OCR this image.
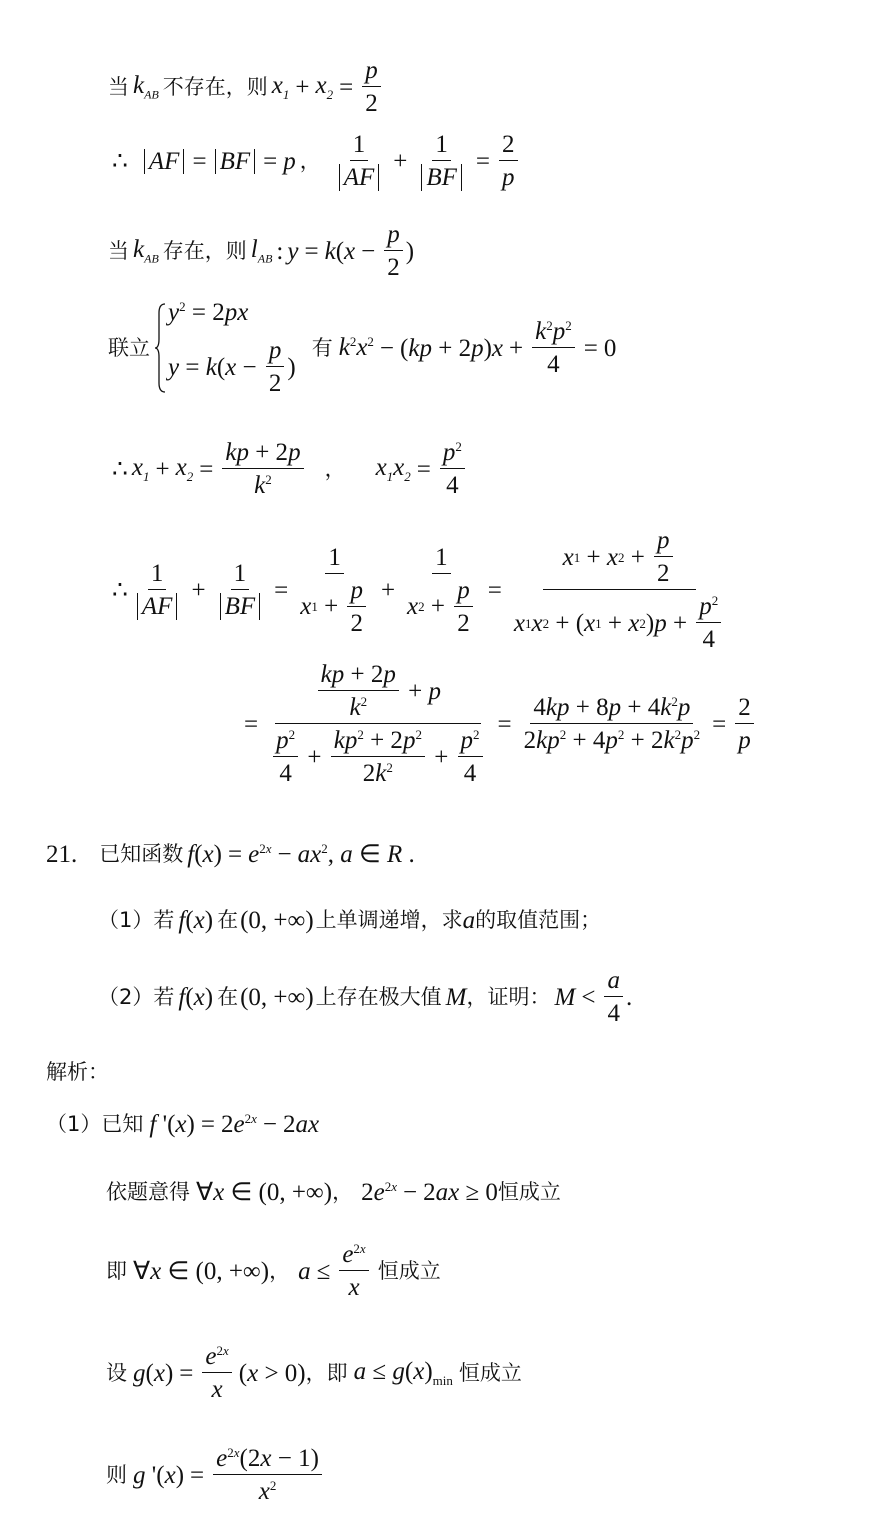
当 $k_{AB}$ 不存在，则 $x_1 + x_2 = \frac{p}{2}$
∴ AF = BF = p ， $\frac{1}{AF} + \frac{1}{BF} = \frac{2}{p}$
当 $k_{AB}$ 存在，则 $l_{AB}$ : $y = k(x - \frac{p}{2}$ )
联立
$y^2 = 2px$
y = k ( $x - \frac{p}{2}$ )
有 $k^2x^2 - (kp + 2p)x + \frac{k^2p^2}{4} = 0$
∴ $x_1 + x_2 = \frac{kp + 2p}{k^2}$ ， $x_1x_2 = \frac{p^2}{4}$
∴ $\frac{1}{AF} + \frac{1}{BF} = \frac{1}{x 1 + \frac{p}{2}} + \frac{1}{x 2 + \frac{p}{2}} = \frac{x 1 + x 2 + \frac{p}{2}}{x 1 x 2 + ( x 1 + x 2 ) p + \frac{p^2}{4}}$
= $\frac{\frac{kp + 2p}{k^2} + p}{\frac{p^2}{4} + \frac{kp^2 + 2p^2}{2k^2} + \frac{p^2}{4}} = \frac{4kp + 8p + 4k^2p}{2kp^2 + 4p^2 + 2k^2p^2} = \frac{2}{p}$
21. 已知函数 $f(x) = e^{2x} - ax^2$, a ∈ R .
（1）若 f(x) 在 (0, +∞) 上单调递增，求 a 的取值范围；
（2）若 f(x) 在 (0, +∞) 上存在极大值 M ，证明： $M < \frac{a}{4}$ .
解析：
（1）已知 f '$(x) = 2e^{2x} - 2ax$
依题意得 ∀x ∈ (0, +∞) ， $2e^{2x} - 2ax \ge 0$ 恒成立
即 ∀x ∈ (0, +∞) ， $a \le \frac{e^{2x}}{x}$ 恒成立
设 $g(x) = \frac{e^{2x}}{x} (x > 0)$ ，即 $a \le g(x)_{min}$ 恒成立
则 g '$(x) = \frac{e^{2x}(2x - 1)}{x^2}$
